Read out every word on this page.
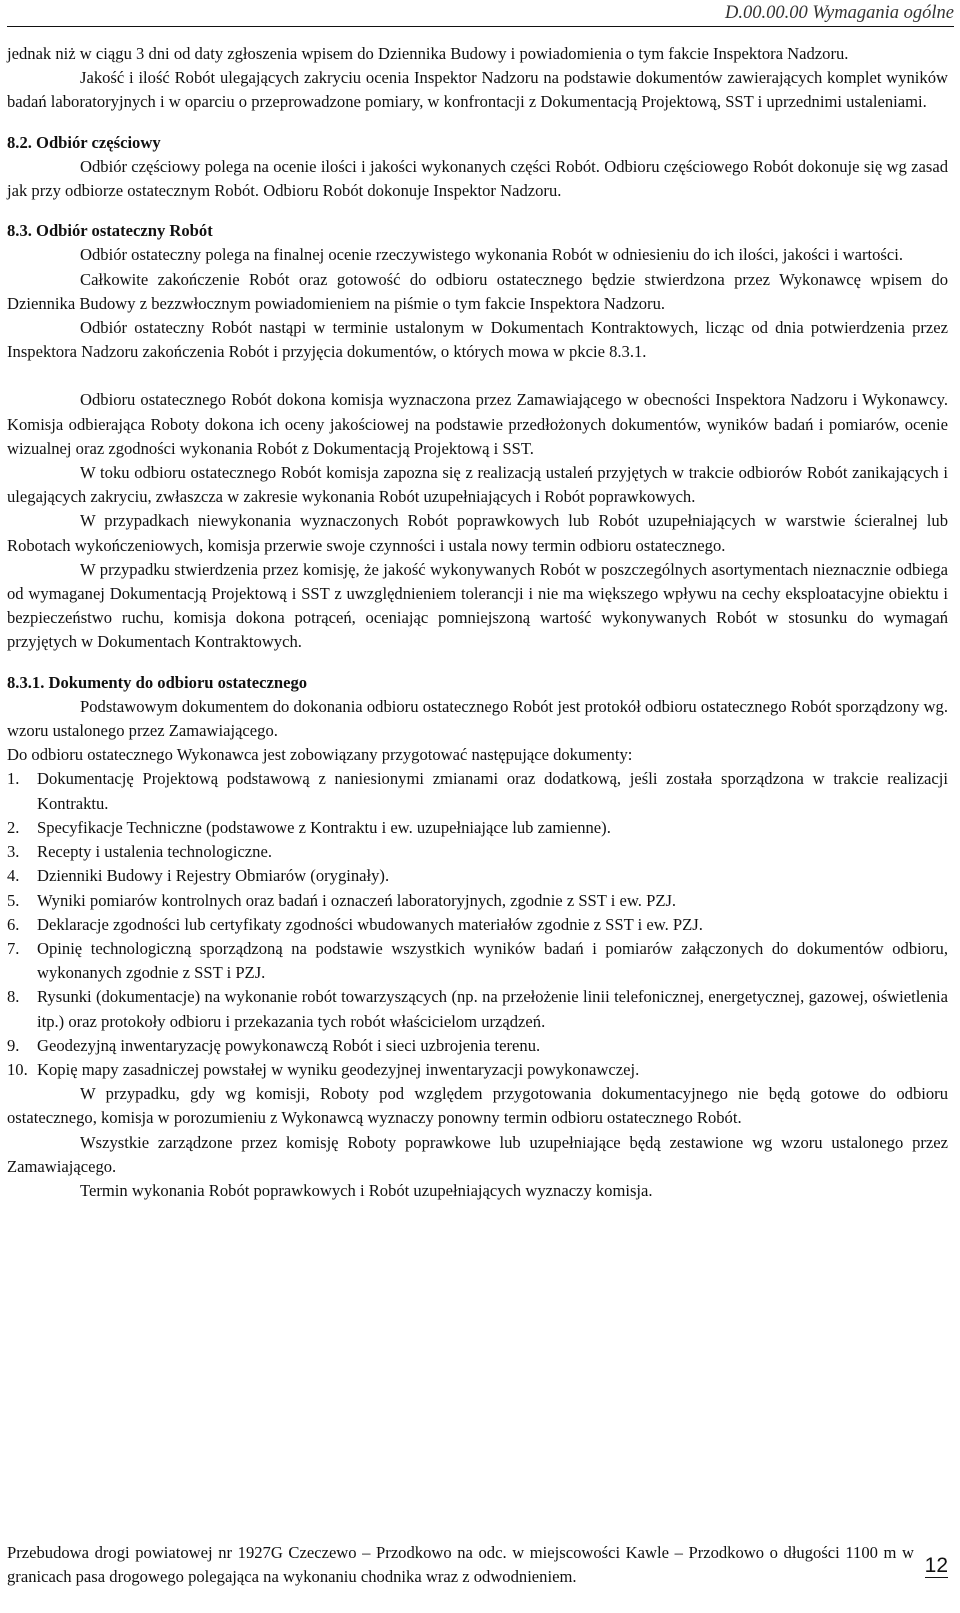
D.00.00.00 Wymagania ogólne

jednak niż w ciągu 3 dni od daty zgłoszenia wpisem do Dziennika Budowy i powiadomienia o tym fakcie Inspektora Nadzoru.

Jakość i ilość Robót ulegających zakryciu ocenia Inspektor Nadzoru na podstawie dokumentów zawierających komplet wyników badań laboratoryjnych i w oparciu o przeprowadzone pomiary, w konfrontacji z Dokumentacją Projektową, SST i uprzednimi ustaleniami.

8.2. Odbiór częściowy

Odbiór częściowy polega na ocenie ilości i jakości wykonanych części Robót. Odbioru częściowego Robót dokonuje się wg zasad jak przy odbiorze ostatecznym Robót. Odbioru Robót dokonuje Inspektor Nadzoru.

8.3. Odbiór ostateczny Robót

Odbiór ostateczny polega na finalnej ocenie rzeczywistego wykonania Robót w odniesieniu do ich ilości, jakości i wartości.

Całkowite zakończenie Robót oraz gotowość do odbioru ostatecznego będzie stwierdzona przez Wykonawcę wpisem do Dziennika Budowy z bezzwłocznym powiadomieniem na piśmie o tym fakcie Inspektora Nadzoru.

Odbiór ostateczny Robót nastąpi w terminie ustalonym w Dokumentach Kontraktowych, licząc od dnia potwierdzenia przez Inspektora Nadzoru zakończenia Robót i przyjęcia dokumentów, o których mowa w pkcie 8.3.1.

Odbioru ostatecznego Robót dokona komisja wyznaczona przez Zamawiającego w obecności Inspektora Nadzoru i Wykonawcy. Komisja odbierająca Roboty dokona ich oceny jakościowej na podstawie przedłożonych dokumentów, wyników badań i pomiarów, ocenie wizualnej oraz zgodności wykonania Robót z Dokumentacją Projektową i SST.

W toku odbioru ostatecznego Robót komisja zapozna się z realizacją ustaleń przyjętych w trakcie odbiorów Robót zanikających i ulegających zakryciu, zwłaszcza w zakresie wykonania Robót uzupełniających i Robót poprawkowych.

W przypadkach niewykonania wyznaczonych Robót poprawkowych lub Robót uzupełniających w warstwie ścieralnej lub Robotach wykończeniowych, komisja przerwie swoje czynności i ustala nowy termin odbioru ostatecznego.

W przypadku stwierdzenia przez komisję, że jakość wykonywanych Robót w poszczególnych asortymentach nieznacznie odbiega od wymaganej Dokumentacją Projektową i SST z uwzględnieniem tolerancji i nie ma większego wpływu na cechy eksploatacyjne obiektu i bezpieczeństwo ruchu, komisja dokona potrąceń, oceniając pomniejszoną wartość wykonywanych Robót w stosunku do wymagań przyjętych w Dokumentach Kontraktowych.

8.3.1. Dokumenty do odbioru ostatecznego

Podstawowym dokumentem do dokonania odbioru ostatecznego Robót jest protokół odbioru ostatecznego Robót sporządzony wg. wzoru ustalonego przez Zamawiającego.

Do odbioru ostatecznego Wykonawca jest zobowiązany przygotować następujące dokumenty:

1. Dokumentację Projektową podstawową z naniesionymi zmianami oraz dodatkową, jeśli została sporządzona w trakcie realizacji Kontraktu.
2. Specyfikacje Techniczne (podstawowe z Kontraktu i ew. uzupełniające lub zamienne).
3. Recepty i ustalenia technologiczne.
4. Dzienniki Budowy i Rejestry Obmiarów (oryginały).
5. Wyniki pomiarów kontrolnych oraz badań i oznaczeń laboratoryjnych, zgodnie z SST i ew. PZJ.
6. Deklaracje zgodności lub certyfikaty zgodności wbudowanych materiałów zgodnie z SST i ew. PZJ.
7. Opinię technologiczną sporządzoną na podstawie wszystkich wyników badań i pomiarów załączonych do dokumentów odbioru, wykonanych zgodnie z SST i PZJ.
8. Rysunki (dokumentacje) na wykonanie robót towarzyszących (np. na przełożenie linii telefonicznej, energetycznej, gazowej, oświetlenia itp.) oraz protokoły odbioru i przekazania tych robót właścicielom urządzeń.
9. Geodezyjną inwentaryzację powykonawczą Robót i sieci uzbrojenia terenu.
10. Kopię mapy zasadniczej powstałej w wyniku geodezyjnej inwentaryzacji powykonawczej.

W przypadku, gdy wg komisji, Roboty pod względem przygotowania dokumentacyjnego nie będą gotowe do odbioru ostatecznego, komisja w porozumieniu z Wykonawcą wyznaczy ponowny termin odbioru ostatecznego Robót.

Wszystkie zarządzone przez komisję Roboty poprawkowe lub uzupełniające będą zestawione wg wzoru ustalonego przez Zamawiającego.

Termin wykonania Robót poprawkowych i Robót uzupełniających wyznaczy komisja.

Przebudowa drogi powiatowej nr 1927G Czeczewo – Przodkowo na odc. w miejscowości Kawle – Przodkowo o długości 1100 m w granicach pasa drogowego polegająca na wykonaniu chodnika wraz z odwodnieniem.	12
